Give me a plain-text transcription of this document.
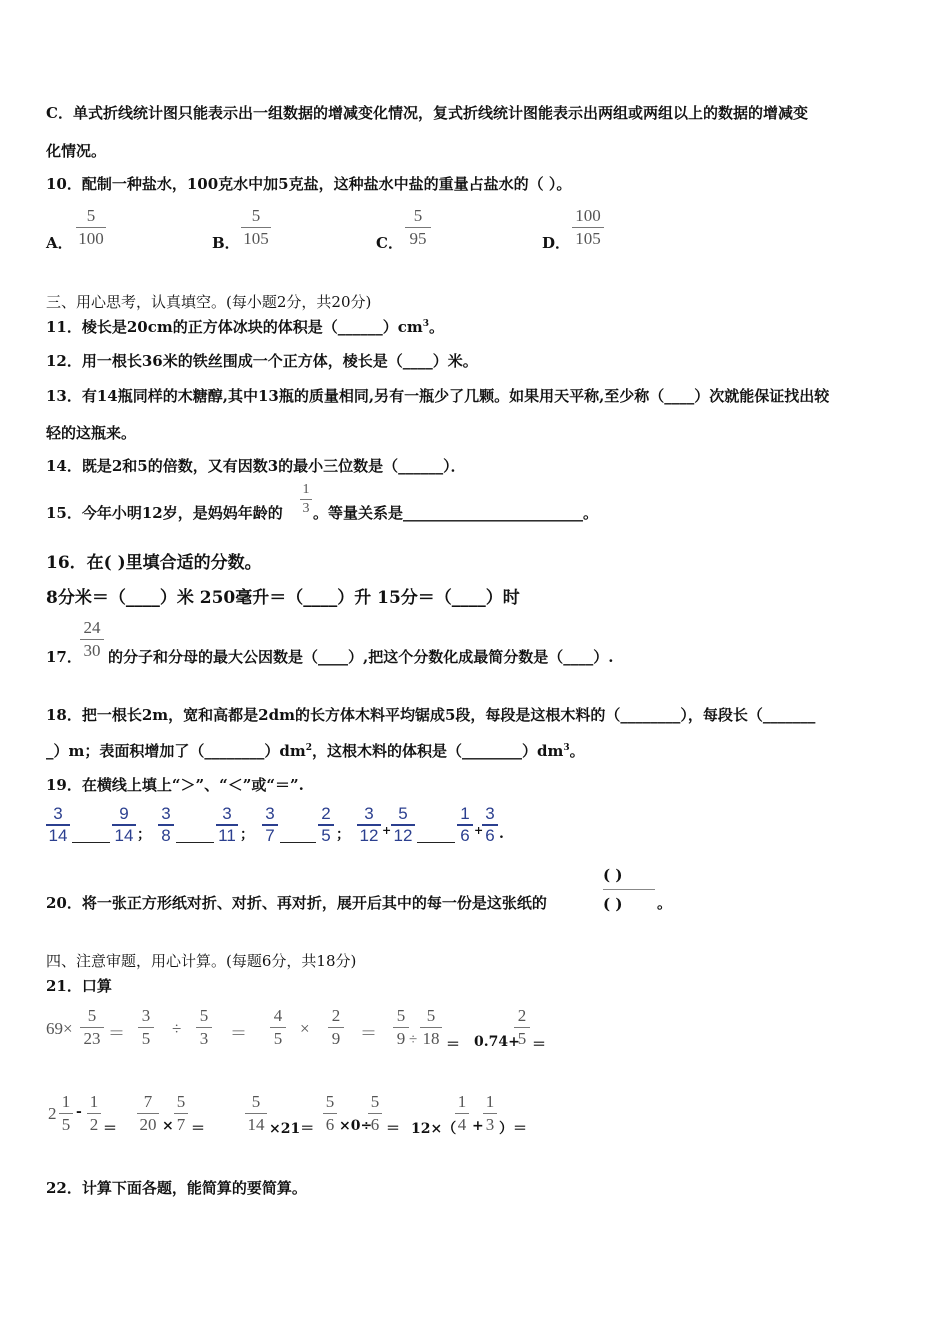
C．单式折线统计图只能表示出一组数据的增减变化情况，复式折线统计图能表示出两组或两组以上的数据的增减变
化情况。
10．配制一种盐水，100克水中加5克盐，这种盐水中盐的重量占盐水的（ ）。
A．
5
100	B．
5
105	C．
5
95	D．
100
105
三、用心思考，认真填空。(每小题2分，共20分)
11．棱长是20cm的正方体冰块的体积是$(\_\_\_\_\_\_)cm^3$。
12．用一根长36米的铁丝围成一个正方体，棱长是（____）米。
13．有14瓶同样的木糖醇,其中13瓶的质量相同,另有一瓶少了几颗。如果用天平称,至少称（____）次就能保证找出较
轻的这瓶来。
14．既是2和5的倍数，又有因数3的最小三位数是（______）．
15．今年小明12岁，是妈妈年龄的
1
3 。等量关系是________________________。
16．在( )里填合适的分数。
8分米＝（____）米 250毫升＝（____）升 15分＝（____）时
17．
24
30 的分子和分母的最大公因数是（____）,把这个分数化成最简分数是（____）.
18．把一根长2m，宽和高都是2dm的长方体木料平均锯成5段，每段是这根木料的（________），每段长（_______
_）m；表面积增加了$(\_\_\_\_\_\_\_\_)dm^2$，这根木料的体积是$(\_\_\_\_\_\_\_\_)dm^3$。
19．在横线上填上“＞”、“＜”或“＝”.
3
14
9
14 ；
3
8
3
11 ；
3
7
2
5 ；
3
12 +
5
12
1
6 +
3
6 .
20．将一张正方形纸对折、对折、再对折，展开后其中的每一份是这张纸的
( )
( ) 。
四、注意审题，用心计算。(每题6分，共18分)
21．口算
69×
5
23 ＝
3
5
÷
5
3 ＝
4
5
×
2
9 ＝
5
9 ÷
5
18 ＝ 0.74+
2
5 ＝
2
1
5
-
1
2 ＝
7
20 ×
5
7 ＝
5
14 ×21＝
5
6 ×0÷
5
6 ＝ 12×（
1
4 +
1
3 ）＝
22．计算下面各题，能简算的要简算。
